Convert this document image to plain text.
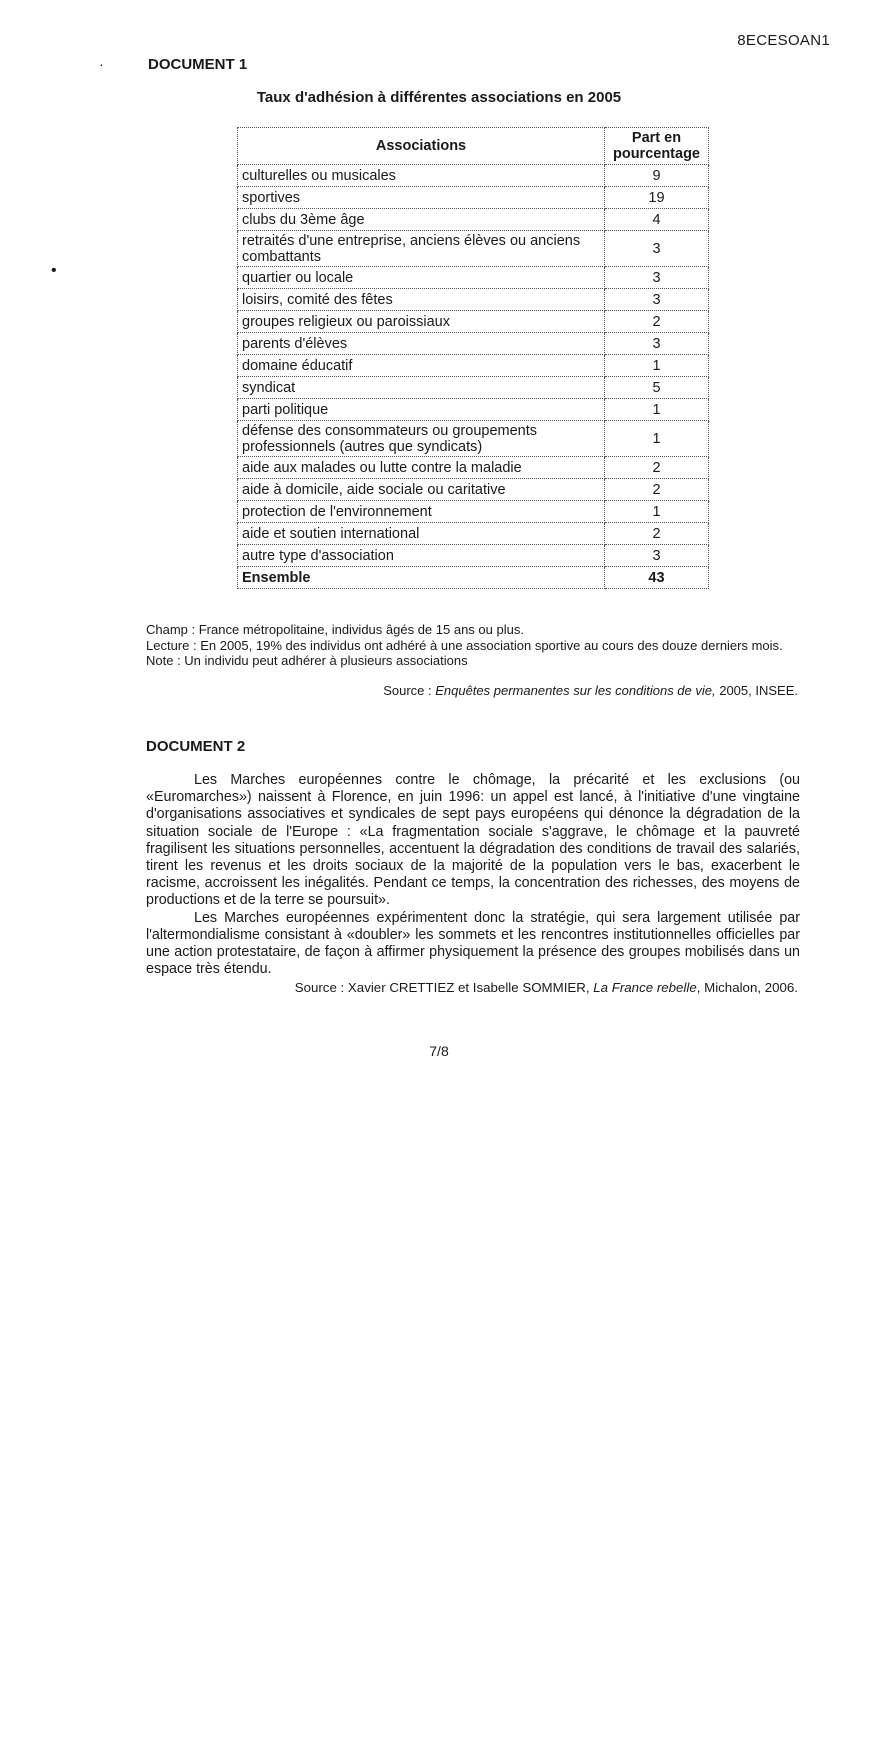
8ECESOAN1
·
•
DOCUMENT 1
Taux d'adhésion à différentes associations en 2005
Associations	Part en pourcentage
culturelles ou musicales	9
sportives	19
clubs du 3ème âge	4
retraités d'une entreprise, anciens élèves ou anciens combattants	3
quartier ou locale	3
loisirs, comité des fêtes	3
groupes religieux ou paroissiaux	2
parents d'élèves	3
domaine éducatif	1
syndicat	5
parti politique	1
défense des consommateurs ou groupements professionnels (autres que syndicats)	1
aide aux malades ou lutte contre la maladie	2
aide à domicile, aide sociale ou caritative	2
protection de l'environnement	1
aide et soutien international	2
autre type d'association	3
Ensemble	43
Champ : France métropolitaine, individus âgés de 15 ans ou plus.
Lecture : En 2005, 19% des individus ont adhéré à une association sportive au cours des douze derniers mois.
Note : Un individu peut adhérer à plusieurs associations
Source : Enquêtes permanentes sur les conditions de vie, 2005, INSEE.
DOCUMENT 2

Les Marches européennes contre le chômage, la précarité et les exclusions (ou «Euromarches») naissent à Florence, en juin 1996: un appel est lancé, à l'initiative d'une vingtaine d'organisations associatives et syndicales de sept pays européens qui dénonce la dégradation de la situation sociale de l'Europe : «La fragmentation sociale s'aggrave, le chômage et la pauvreté fragilisent les situations personnelles, accentuent la dégradation des conditions de travail des salariés, tirent les revenus et les droits sociaux de la majorité de la population vers le bas, exacerbent le racisme, accroissent les inégalités. Pendant ce temps, la concentration des richesses, des moyens de productions et de la terre se poursuit».

Les Marches européennes expérimentent donc la stratégie, qui sera largement utilisée par l'altermondialisme consistant à «doubler» les sommets et les rencontres institutionnelles officielles par une action protestataire, de façon à affirmer physiquement la présence des groupes mobilisés dans un espace très étendu.

Source : Xavier CRETTIEZ et Isabelle SOMMIER, La France rebelle, Michalon, 2006.
7/8
